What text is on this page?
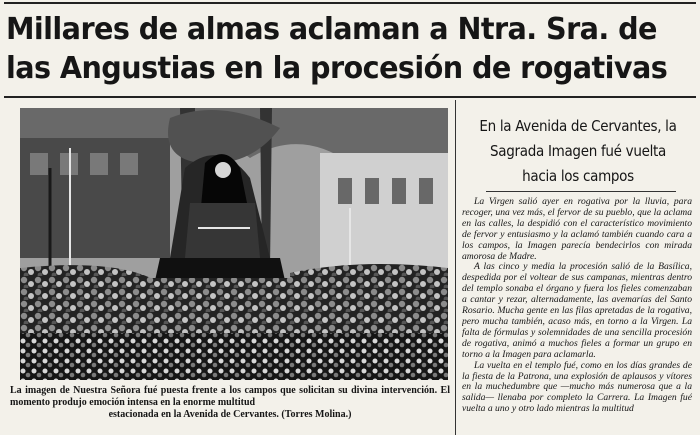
Millares de almas aclaman a Ntra. Sra. de
las Angustias en la procesión de rogativas

La imagen de Nuestra Señora fué puesta frente a los campos que solicitan su divina intervención. El momento produjo emoción intensa en la enorme multitud

estacionada en la Avenida de Cervantes. (Torres Molina.)

En la Avenida de Cervantes, la
Sagrada Imagen fué vuelta
hacia los campos

La Virgen salió ayer en rogativa por la lluvia, para recoger, una vez más, el fervor de su pueblo, que la aclama en las calles, la despidió con el característico movimiento de fervor y entusiasmo y la aclamó también cuando cara a los campos, la Imagen parecía bendecirlos con mirada amorosa de Madre.

A las cinco y media la procesión salió de la Basílica, despedida por el voltear de sus campanas, mientras dentro del templo sonaba el órgano y fuera los fieles comenzaban a cantar y rezar, alternadamente, las avemarías del Santo Rosario. Mucha gente en las filas apretadas de la rogativa, pero mucha también, acaso más, en torno a la Virgen. La falta de fórmulas y solemnidades de una sencilla procesión de rogativa, animó a muchos fieles a formar un grupo en torno a la Imagen para aclamarla.

La vuelta en el templo fué, como en los días grandes de la fiesta de la Patrona, una explosión de aplausos y vítores en la muchedumbre que —mucho más numerosa que a la salida— llenaba por completo la Carrera. La Imagen fué vuelta a uno y otro lado mientras la multitud
